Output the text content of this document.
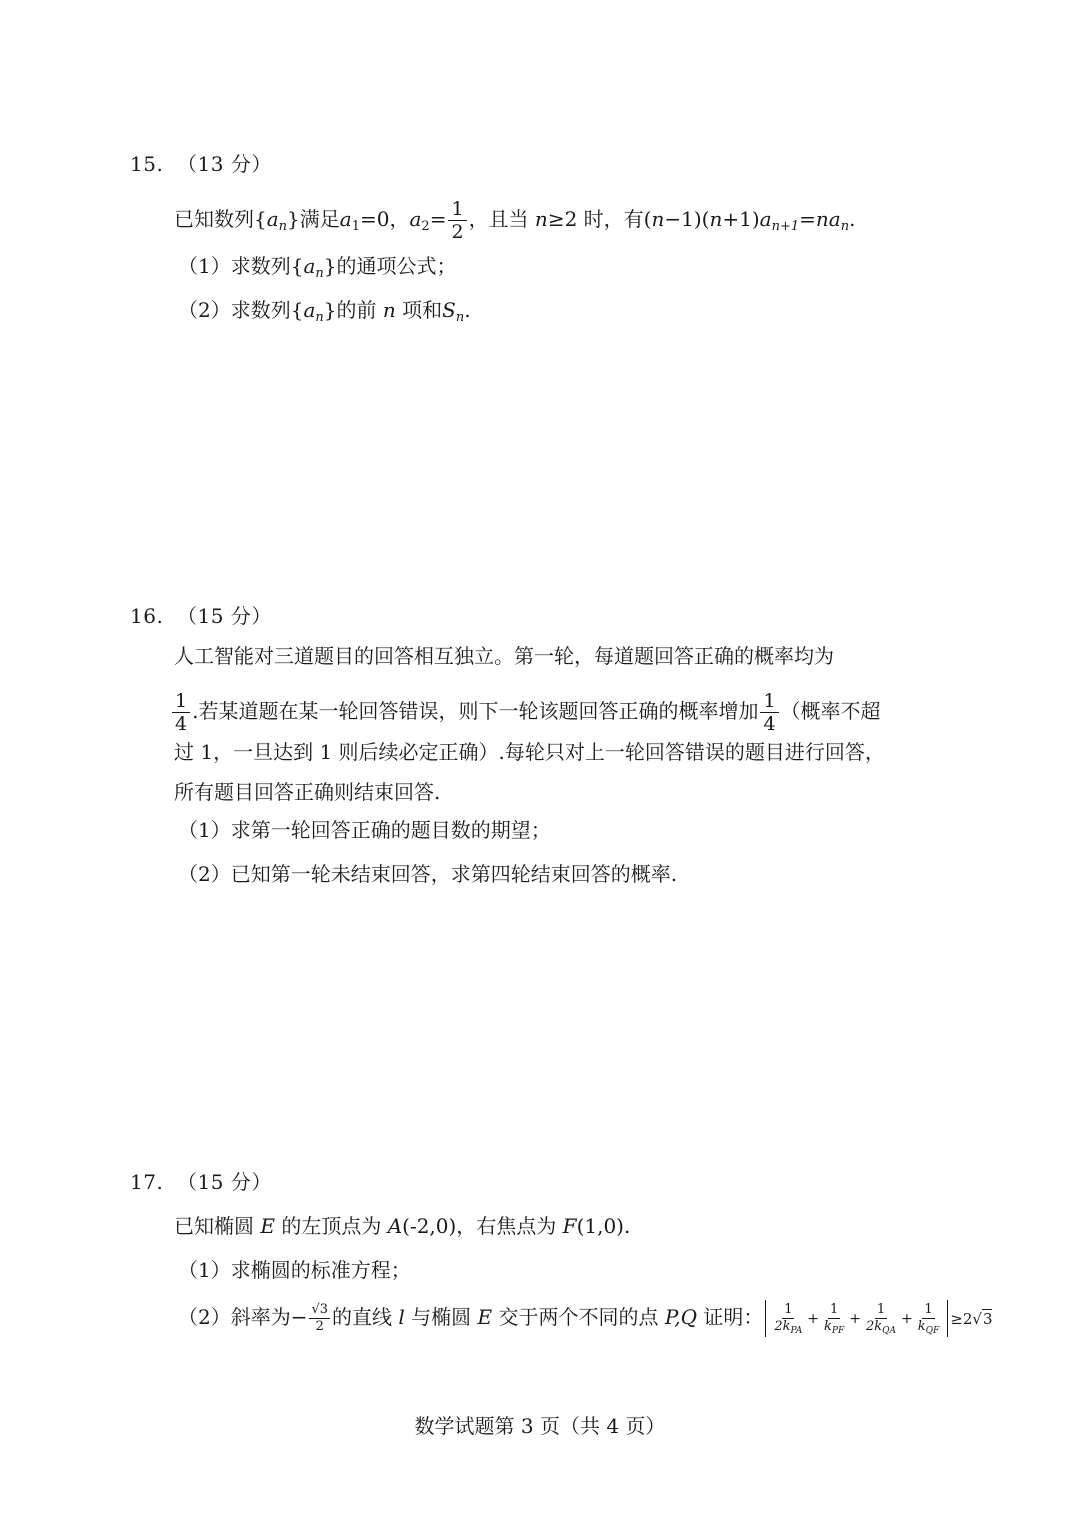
15. （13 分）
已知数列$\{a_n\}$满足$a_1=0$，$a_2= \frac{1}{2}$ ，且当 n≥2 时，有$(n-1)(n+1)a_{n+1}=na_n$.
（1）求数列$\{a_n\}$的通项公式；
（2）求数列$\{a_n\}$的前 n 项和$S_n$.
16. （15 分）
人工智能对三道题目的回答相互独立。第一轮，每道题回答正确的概率均为
$\frac{1}{4}$ .若某道题在某一轮回答错误，则下一轮该题回答正确的概率增加 $\frac{1}{4}$ （概率不超
过 1，一旦达到 1 则后续必定正确）.每轮只对上一轮回答错误的题目进行回答，
所有题目回答正确则结束回答.
（1）求第一轮回答正确的题目数的期望；
（2）已知第一轮未结束回答，求第四轮结束回答的概率.
17. （15 分）
已知椭圆 E 的左顶点为 A(-2,0)，右焦点为 F(1,0).
（1）求椭圆的标准方程；
（2）斜率为− $\frac{√3}{2}$ 的直线 l 与椭圆 E 交于两个不同的点 P,Q 证明： $\frac{1}{2k_{PA}} + \frac{1}{k_{PF}} + \frac{1}{2k_{QA}} + \frac{1}{k_{QF}} \ge 2√3$
数学试题第 3 页（共 4 页）
